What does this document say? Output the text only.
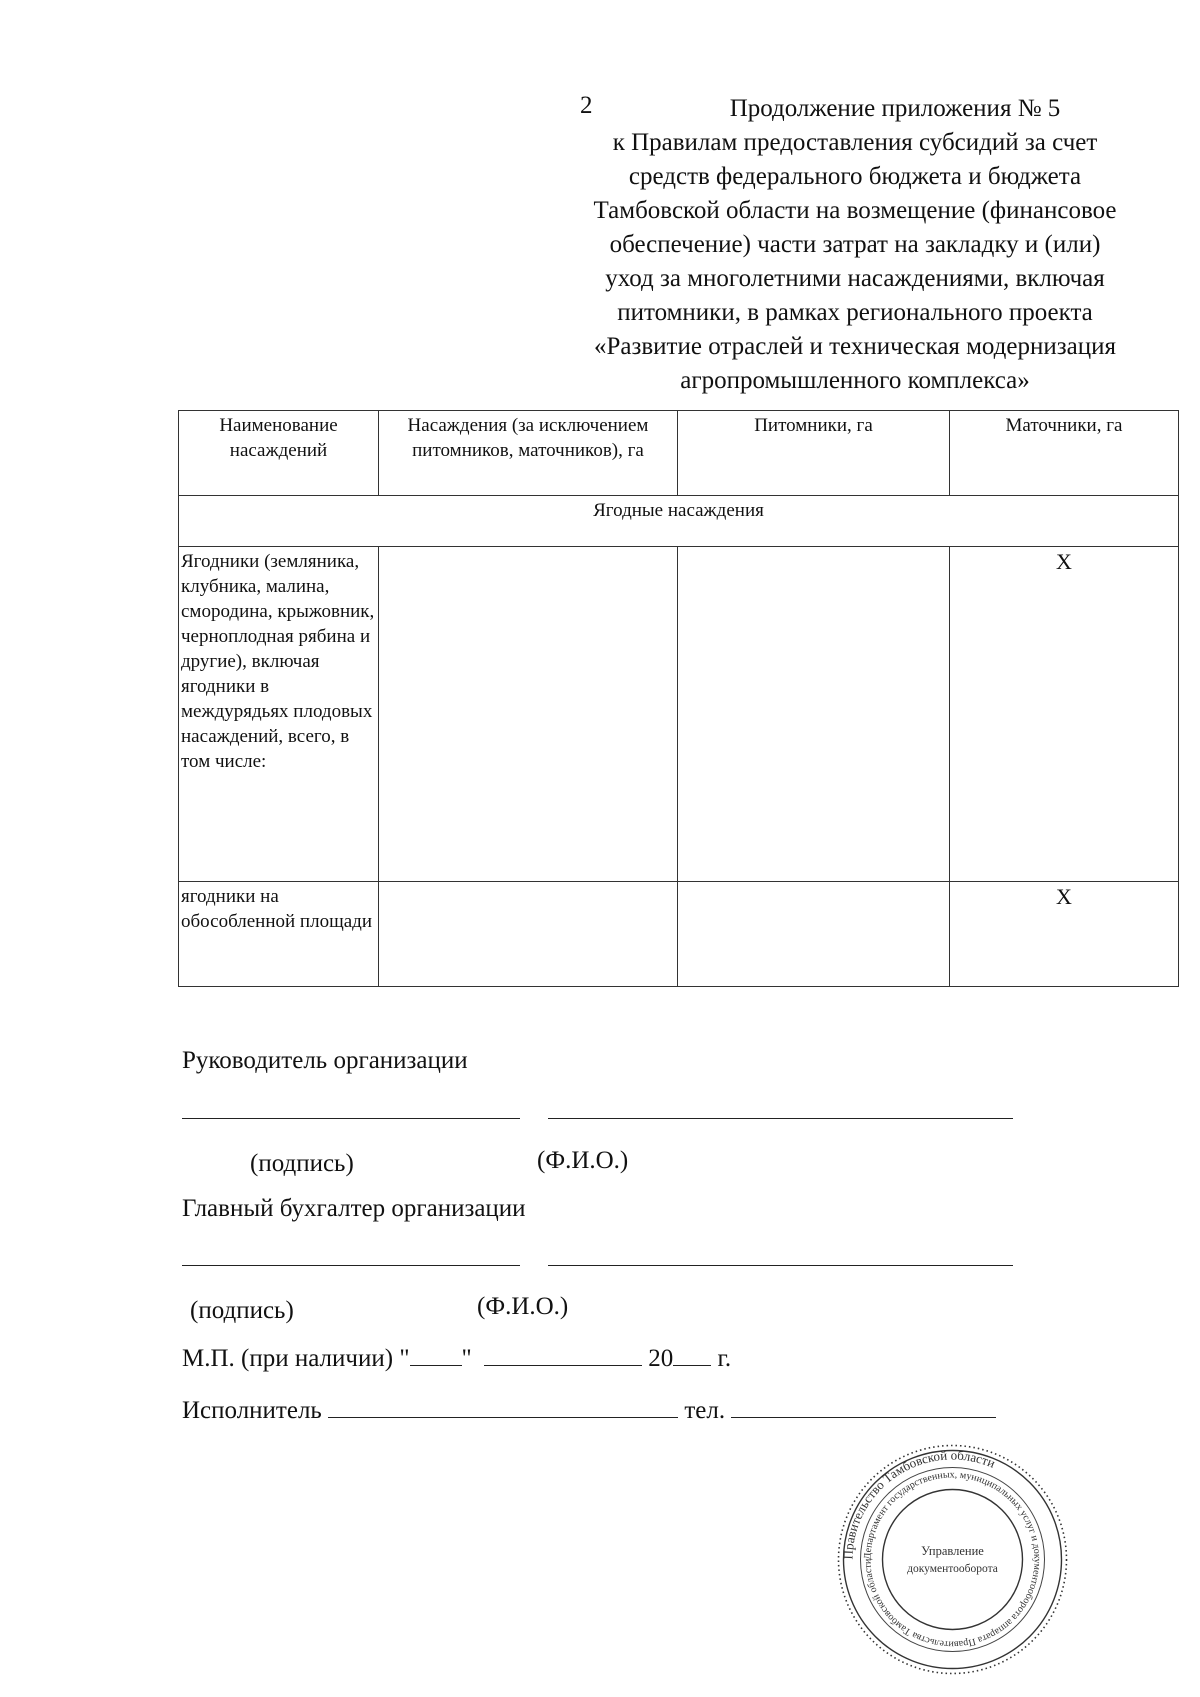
2	Продолжение приложения № 5
к Правилам предоставления субсидий за счет
средств федерального бюджета и бюджета
Тамбовской области на возмещение (финансовое
обеспечение) части затрат на закладку и (или)
уход за многолетними насаждениями, включая
питомники, в рамках регионального проекта
«Развитие отраслей и техническая модернизация
агропромышленного комплекса»
Наименование насаждений	Насаждения (за исключением питомников, маточников), га	Питомники, га	Маточники, га
Ягодные насаждения			
Ягодники (земляника, клубника, малина, смородина, крыжовник, черноплодная рябина и другие), включая ягодники в междурядьях плодовых насаждений, всего, в том числе:			X
ягодники на обособленной площади			X
Руководитель организации
(подпись)	(Ф.И.О.)
Главный бухгалтер организации
(подпись)	(Ф.И.О.)
М.П. (при наличии) " "	20 г.
Исполнитель	тел.
Правительство Тамбовской области
Департамент государственных, муниципальных услуг и документооборота аппарата Правительства Тамбовской области
Управление
документооборота
